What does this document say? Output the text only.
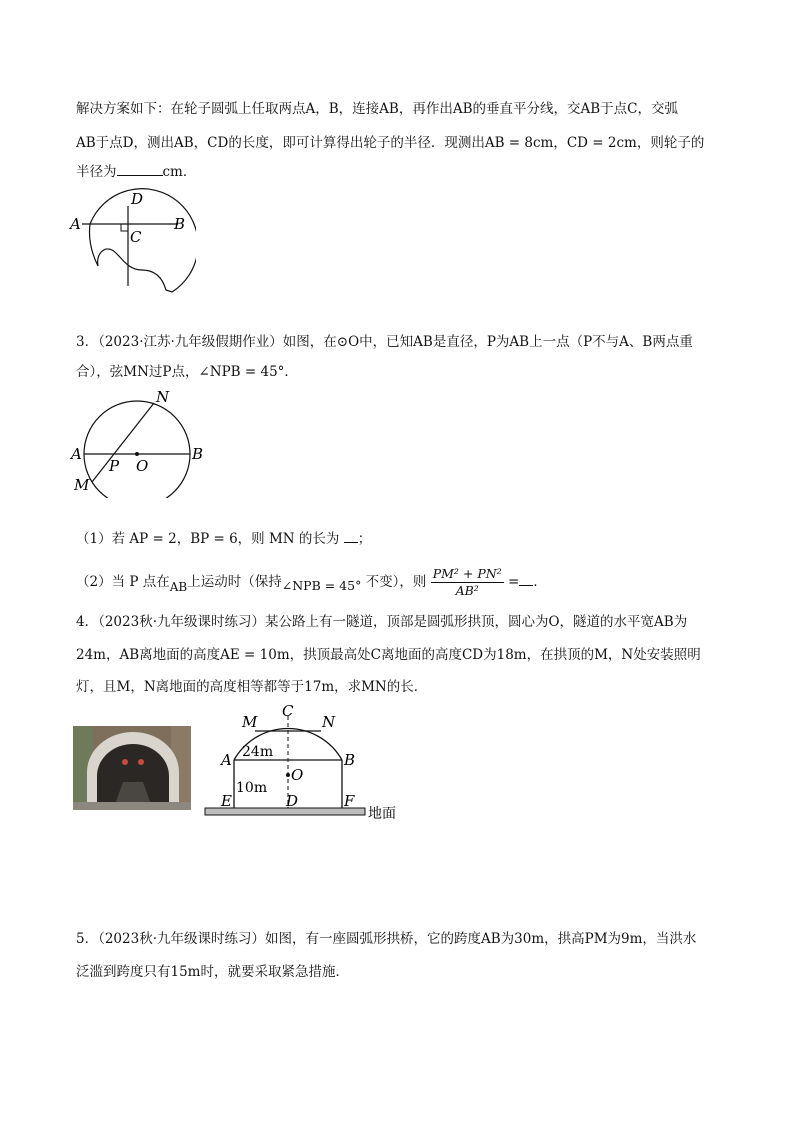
解决方案如下：在轮子圆弧上任取两点A，B，连接AB，再作出AB的垂直平分线，交AB于点C，交弧
AB于点D，测出AB，CD的长度，即可计算得出轮子的半径．现测出AB = 8cm，CD = 2cm，则轮子的
半径为	cm．
A	B
C
D
3．（2023·江苏·九年级假期作业）如图，在⊙O中，已知AB是直径，P为AB上一点（P不与A、B两点重
合），弦MN过P点，∠NPB = 45°．
N
A
P O
B
M
（1）若 AP = 2，BP = 6，则 MN 的长为 ；
（2）当 P 点在AB上运动时（保持∠NPB = 45° 不变），则 $\frac{\text{PM² + PN²}}{\text{AB²}}$ = ．
4．（2023秋·九年级课时练习）某公路上有一隧道，顶部是圆弧形拱顶，圆心为O，隧道的水平宽AB为
24m，AB离地面的高度AE = 10m，拱顶最高处C离地面的高度CD为18m，在拱顶的M，N处安装照明
灯，且M，N离地面的高度相等都等于17m，求MN的长．
M
C
N
A	B
24m
10m
O
E	D	F
地面
5．（2023秋·九年级课时练习）如图，有一座圆弧形拱桥，它的跨度AB为30m，拱高PM为9m，当洪水
泛滥到跨度只有15m时，就要采取紧急措施．
